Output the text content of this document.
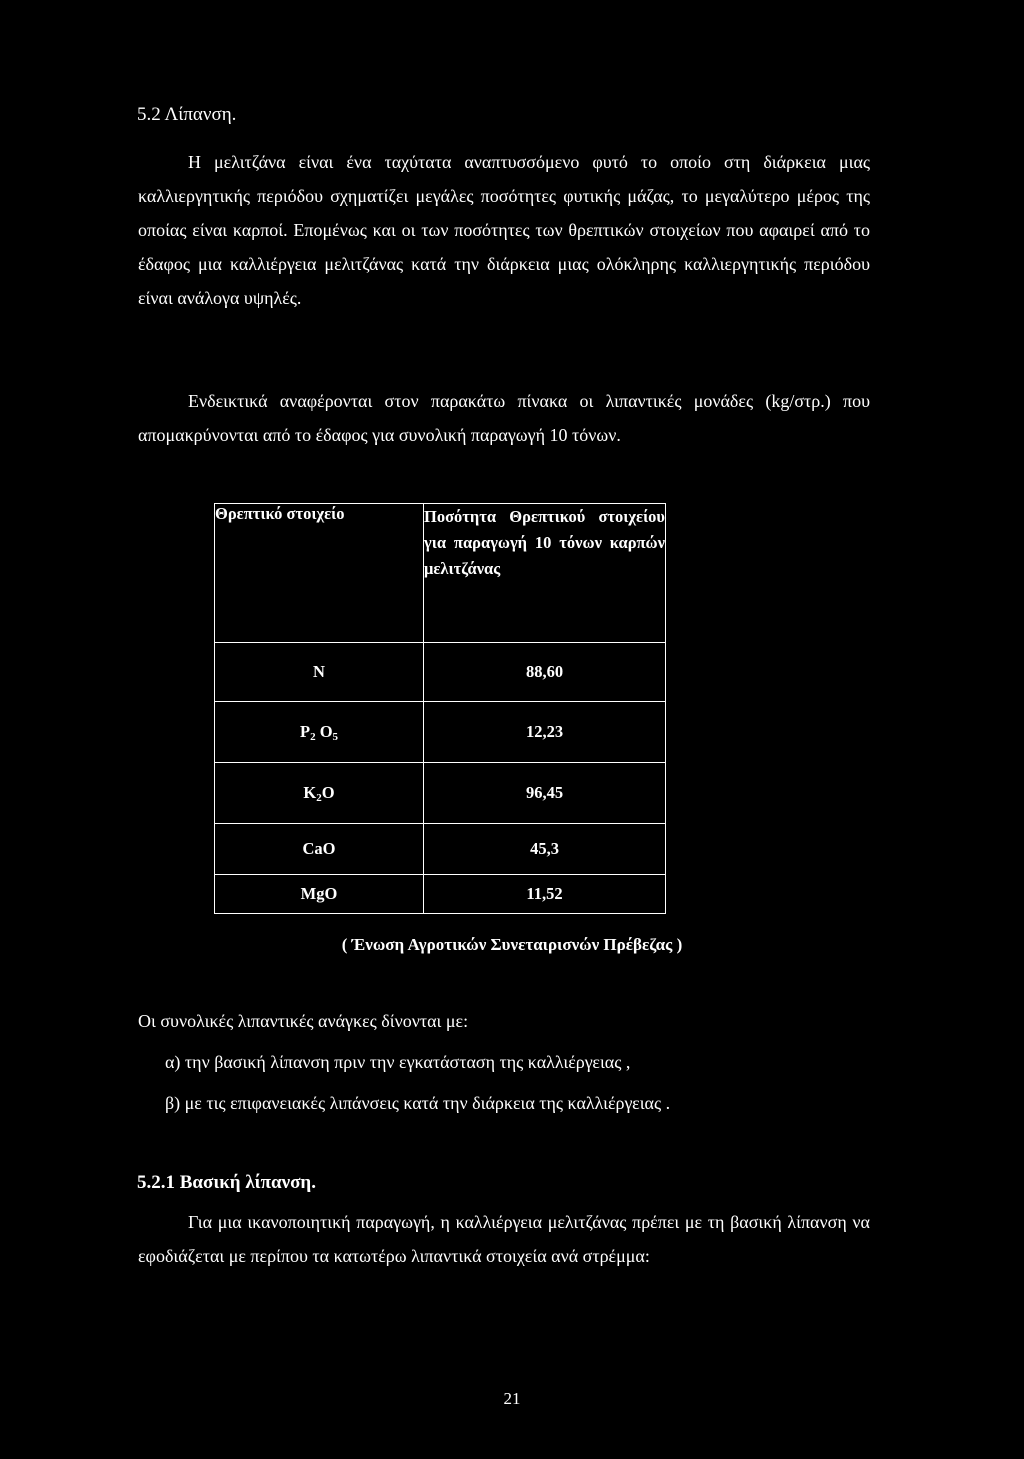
5.2 Λίπανση.

Η μελιτζάνα είναι ένα ταχύτατα αναπτυσσόμενο φυτό το οποίο στη διάρκεια μιας καλλιεργητικής περιόδου σχηματίζει μεγάλες ποσότητες φυτικής μάζας, το μεγαλύτερο μέρος της οποίας είναι καρποί. Επομένως και οι των ποσότητες των θρεπτικών στοιχείων που αφαιρεί από το έδαφος μια καλλιέργεια μελιτζάνας κατά την διάρκεια μιας ολόκληρης καλλιεργητικής περιόδου είναι ανάλογα υψηλές.

Ενδεικτικά αναφέρονται στον παρακάτω πίνακα οι λιπαντικές μονάδες (kg/στρ.) που απομακρύνονται από το έδαφος για συνολική παραγωγή 10 τόνων.

Θρεπτικό στοιχείο	Ποσότητα Θρεπτικού στοιχείου για παραγωγή 10 τόνων καρπών μελιτζάνας
N	88,60
$P_2$ $O_5$	12,23
$K_2O$	96,45
CaO	45,3
MgO	11,52

( Ένωση Αγροτικών Συνεταιρισνών Πρέβεζας )

Οι συνολικές λιπαντικές ανάγκες δίνονται με:

α) την βασική λίπανση πριν την εγκατάσταση της καλλιέργειας ,

β) με τις επιφανειακές λιπάνσεις κατά την διάρκεια της καλλιέργειας .

5.2.1 Βασική λίπανση.

Για μια ικανοποιητική παραγωγή, η καλλιέργεια μελιτζάνας πρέπει με τη βασική λίπανση να εφοδιάζεται με περίπου τα κατωτέρω λιπαντικά στοιχεία ανά στρέμμα:

21
